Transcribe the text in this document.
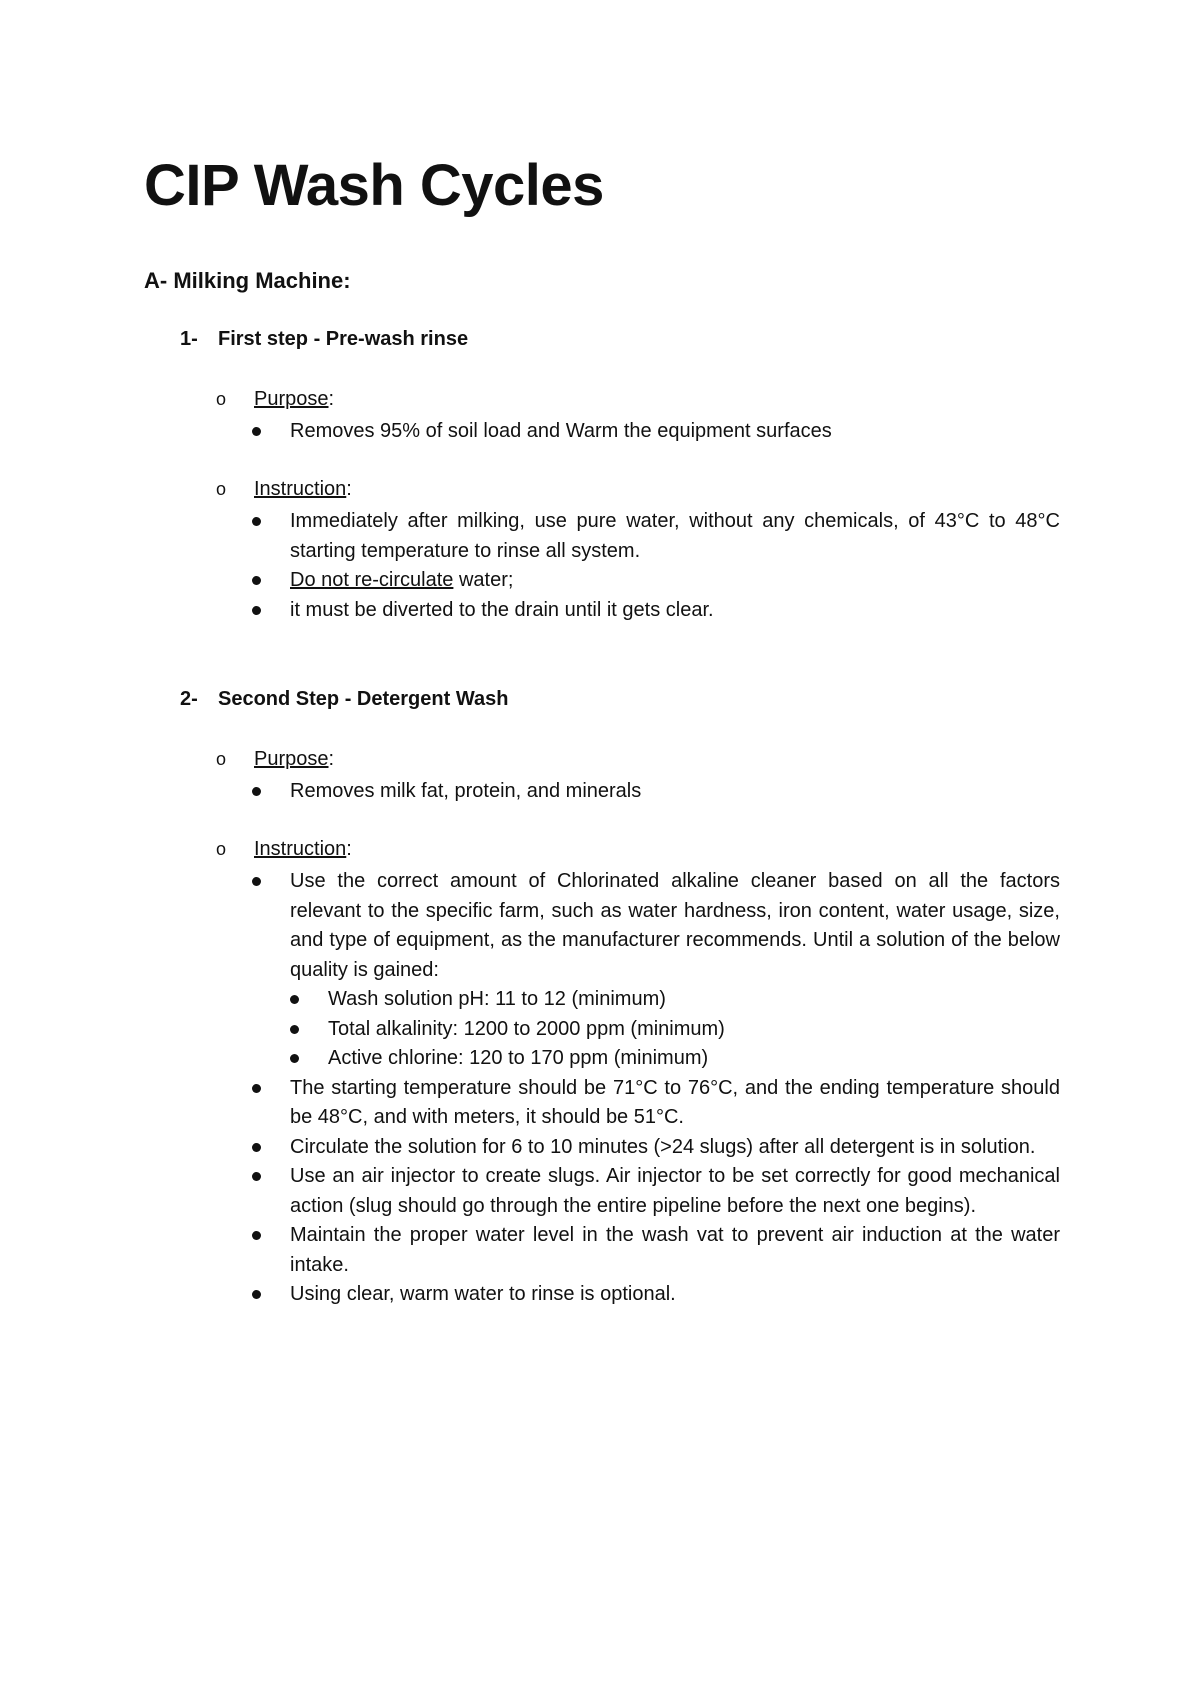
CIP Wash Cycles
A- Milking Machine:
1- First step - Pre-wash rinse
o Purpose:
Removes 95% of soil load and Warm the equipment surfaces
o Instruction:
Immediately after milking, use pure water, without any chemicals, of 43°C to 48°C starting temperature to rinse all system.
Do not re-circulate water;
it must be diverted to the drain until it gets clear.
2- Second Step - Detergent Wash
o Purpose:
Removes milk fat, protein, and minerals
o Instruction:
Use the correct amount of Chlorinated alkaline cleaner based on all the factors relevant to the specific farm, such as water hardness, iron content, water usage, size, and type of equipment, as the manufacturer recommends. Until a solution of the below quality is gained:
Wash solution pH: 11 to 12 (minimum)
Total alkalinity: 1200 to 2000 ppm (minimum)
Active chlorine: 120 to 170 ppm (minimum)
The starting temperature should be 71°C to 76°C, and the ending temperature should be 48°C, and with meters, it should be 51°C.
Circulate the solution for 6 to 10 minutes (>24 slugs) after all detergent is in solution.
Use an air injector to create slugs. Air injector to be set correctly for good mechanical action (slug should go through the entire pipeline before the next one begins).
Maintain the proper water level in the wash vat to prevent air induction at the water intake.
Using clear, warm water to rinse is optional.
